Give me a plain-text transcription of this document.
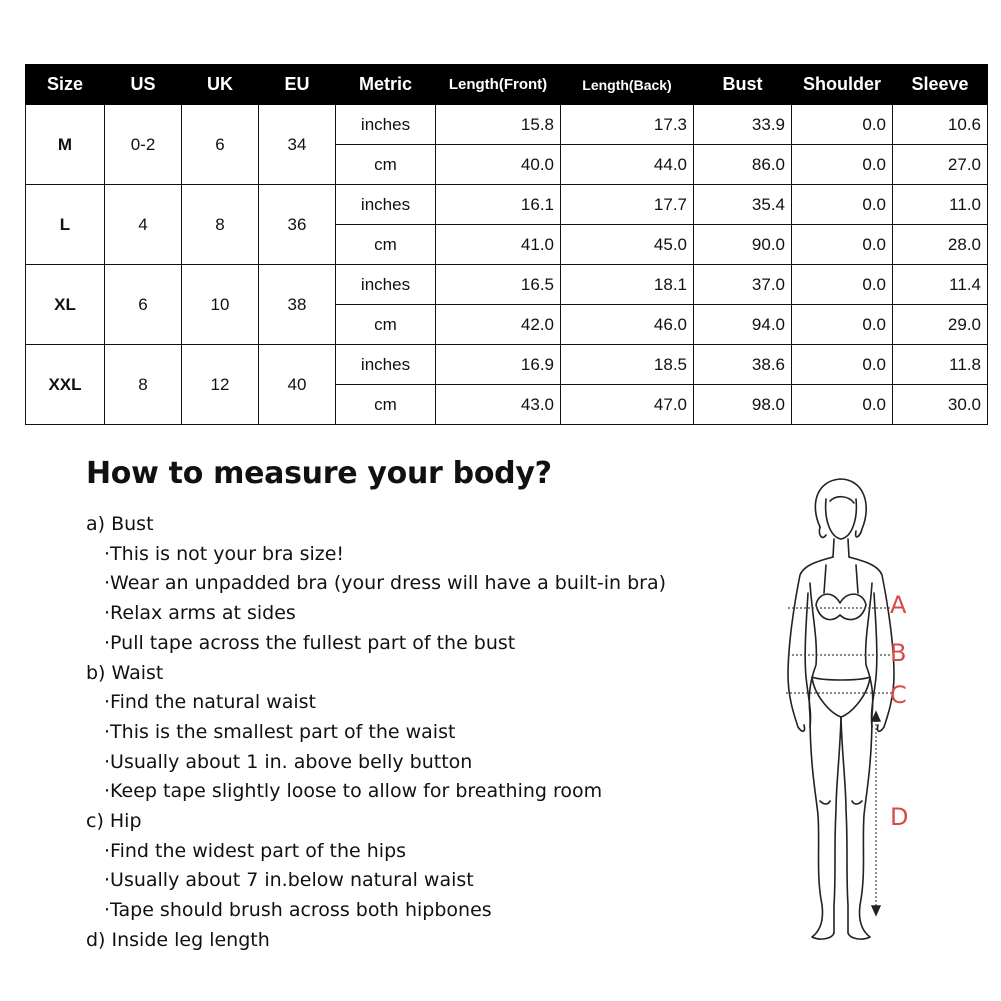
Size	US	UK	EU	Metric	Length(Front)	Length(Back)	Bust	Shoulder	Sleeve
M	0-2	6	34	inches	15.8	17.3	33.9	0.0	10.6
				cm	40.0	44.0	86.0	0.0	27.0
L	4	8	36	inches	16.1	17.7	35.4	0.0	11.0
				cm	41.0	45.0	90.0	0.0	28.0
XL	6	10	38	inches	16.5	18.1	37.0	0.0	11.4
				cm	42.0	46.0	94.0	0.0	29.0
XXL	8	12	40	inches	16.9	18.5	38.6	0.0	11.8
				cm	43.0	47.0	98.0	0.0	30.0
How to measure your body?
a) Bust
·This is not your bra size!
·Wear an unpadded bra (your dress will have a built-in bra)
·Relax arms at sides
·Pull tape across the fullest part of the bust
b) Waist
·Find the natural waist
·This is the smallest part of the waist
·Usually about 1 in. above belly button
·Keep tape slightly loose to allow for breathing room
c) Hip
·Find the widest part of the hips
·Usually about 7 in.below natural waist
·Tape should brush across both hipbones
d) Inside leg length
A
B
C
D
